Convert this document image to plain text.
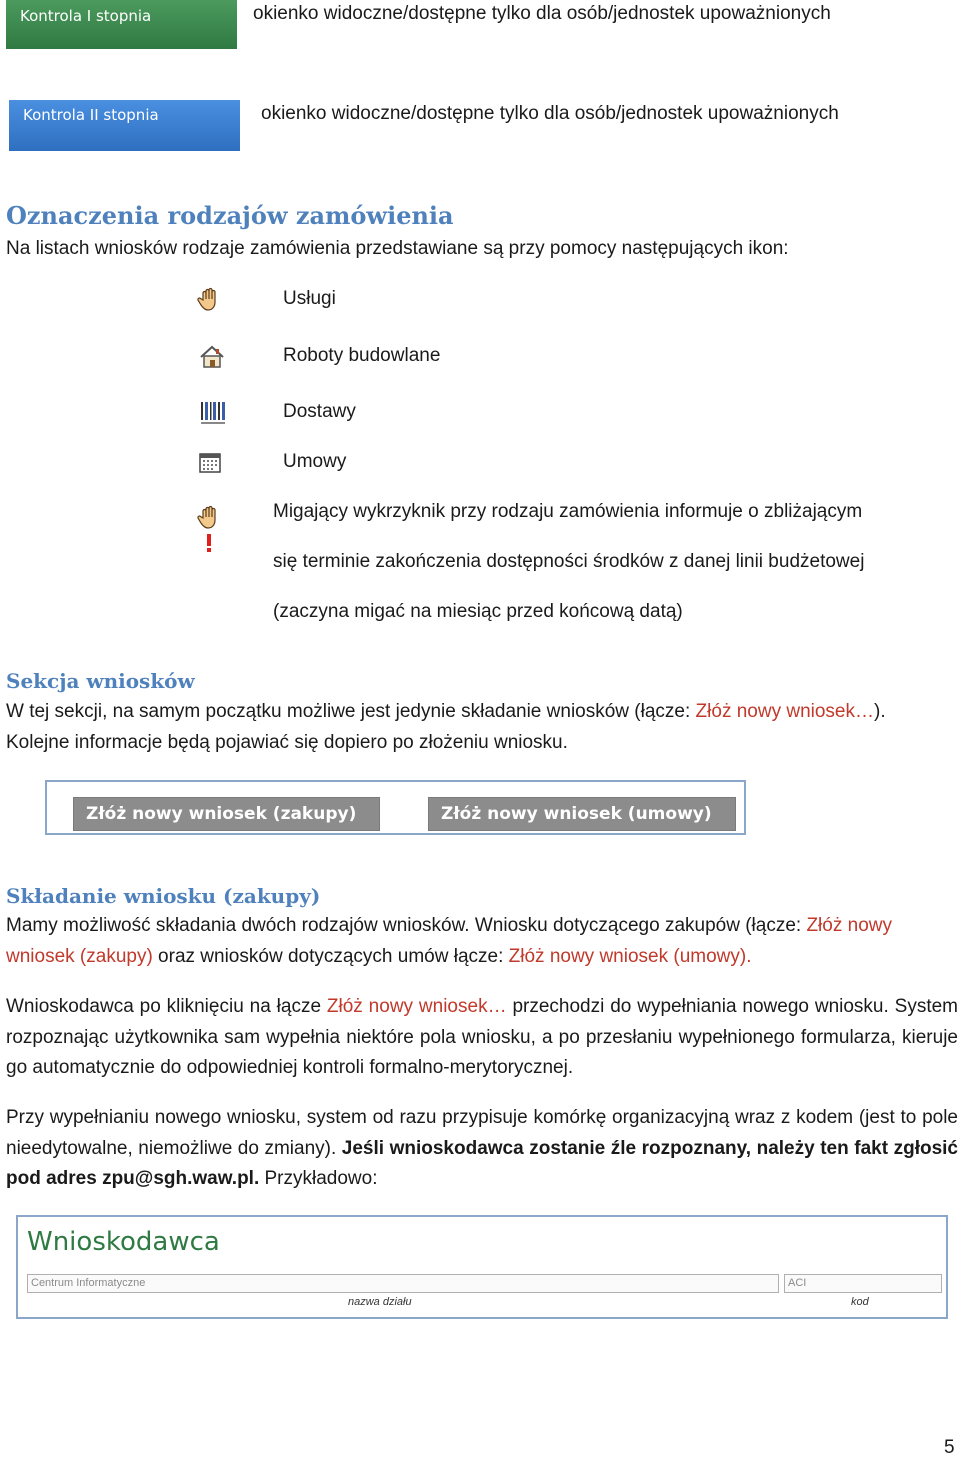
Kontrola I stopnia	okienko widoczne/dostępne tylko dla osób/jednostek upoważnionych
Kontrola II stopnia	okienko widoczne/dostępne tylko dla osób/jednostek upoważnionych
Oznaczenia rodzajów zamówienia
Na listach wniosków rodzaje zamówienia przedstawiane są przy pomocy następujących ikon:
Usługi
Roboty budowlane
Dostawy
Umowy
Migający wykrzyknik przy rodzaju zamówienia informuje o zbliżającym
się terminie zakończenia dostępności środków z danej linii budżetowej
(zaczyna migać na miesiąc przed końcową datą)
Sekcja wniosków
W tej sekcji, na samym początku możliwe jest jedynie składanie wniosków (łącze: Złóż nowy wniosek…).
Kolejne informacje będą pojawiać się dopiero po złożeniu wniosku.
Złóż nowy wniosek (zakupy)	Złóż nowy wniosek (umowy)
Składanie wniosku (zakupy)
Mamy możliwość składania dwóch rodzajów wniosków. Wniosku dotyczącego zakupów (łącze: Złóż nowy wniosek (zakupy) oraz wniosków dotyczących umów łącze: Złóż nowy wniosek (umowy).
Wnioskodawca po kliknięciu na łącze Złóż nowy wniosek… przechodzi do wypełniania nowego wniosku. System rozpoznając użytkownika sam wypełnia niektóre pola wniosku, a po przesłaniu wypełnionego formularza, kieruje go automatycznie do odpowiedniej kontroli formalno-merytorycznej.
Przy wypełnianiu nowego wniosku, system od razu przypisuje komórkę organizacyjną wraz z kodem (jest to pole nieedytowalne, niemożliwe do zmiany). Jeśli wnioskodawca zostanie źle rozpoznany, należy ten fakt zgłosić pod adres zpu@sgh.waw.pl. Przykładowo:
Wnioskodawca
Centrum Informatyczne
nazwa działu
ACI
kod
5
